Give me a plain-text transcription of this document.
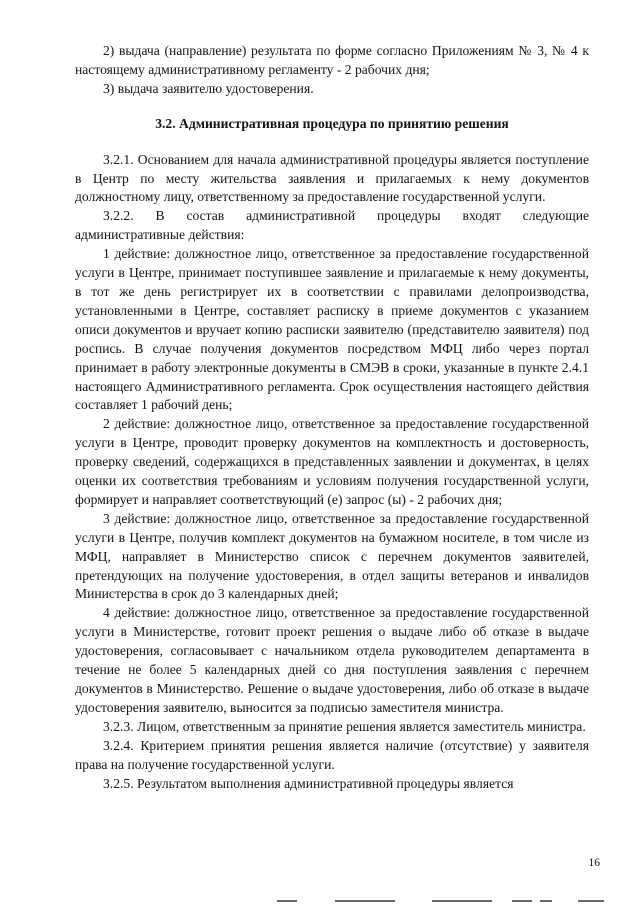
2) выдача (направление) результата по форме согласно Приложениям № 3, № 4 к настоящему административному регламенту - 2 рабочих дня;

3) выдача заявителю удостоверения.

3.2. Административная процедура по принятию решения

3.2.1. Основанием для начала административной процедуры является поступление в Центр по месту жительства заявления и прилагаемых к нему документов должностному лицу, ответственному за предоставление государственной услуги.

3.2.2. В состав административной процедуры входят следующие административные действия:

1 действие: должностное лицо, ответственное за предоставление государственной услуги в Центре, принимает поступившее заявление и прилагаемые к нему документы, в тот же день регистрирует их в соответствии с правилами делопроизводства, установленными в Центре, составляет расписку в приеме документов с указанием описи документов и вручает копию расписки заявителю (представителю заявителя) под роспись. В случае получения документов посредством МФЦ либо через портал принимает в работу электронные документы в СМЭВ в сроки, указанные в пункте 2.4.1 настоящего Административного регламента. Срок осуществления настоящего действия составляет 1 рабочий день;

2 действие: должностное лицо, ответственное за предоставление государственной услуги в Центре, проводит проверку документов на комплектность и достоверность, проверку сведений, содержащихся в представленных заявлении и документах, в целях оценки их соответствия требованиям и условиям получения государственной услуги, формирует и направляет соответствующий (е) запрос (ы) - 2 рабочих дня;

3 действие: должностное лицо, ответственное за предоставление государственной услуги в Центре, получив комплект документов на бумажном носителе, в том числе из МФЦ, направляет в Министерство список с перечнем документов заявителей, претендующих на получение удостоверения, в отдел защиты ветеранов и инвалидов Министерства в срок до 3 календарных дней;

4 действие: должностное лицо, ответственное за предоставление государственной услуги в Министерстве, готовит проект решения о выдаче либо об отказе в выдаче удостоверения, согласовывает с начальником отдела руководителем департамента в течение не более 5 календарных дней со дня поступления заявления с перечнем документов в Министерство. Решение о выдаче удостоверения, либо об отказе в выдаче удостоверения заявителю, выносится за подписью заместителя министра.

3.2.3. Лицом, ответственным за принятие решения является заместитель министра.

3.2.4. Критерием принятия решения является наличие (отсутствие) у заявителя права на получение государственной услуги.

3.2.5. Результатом выполнения административной процедуры является

16
